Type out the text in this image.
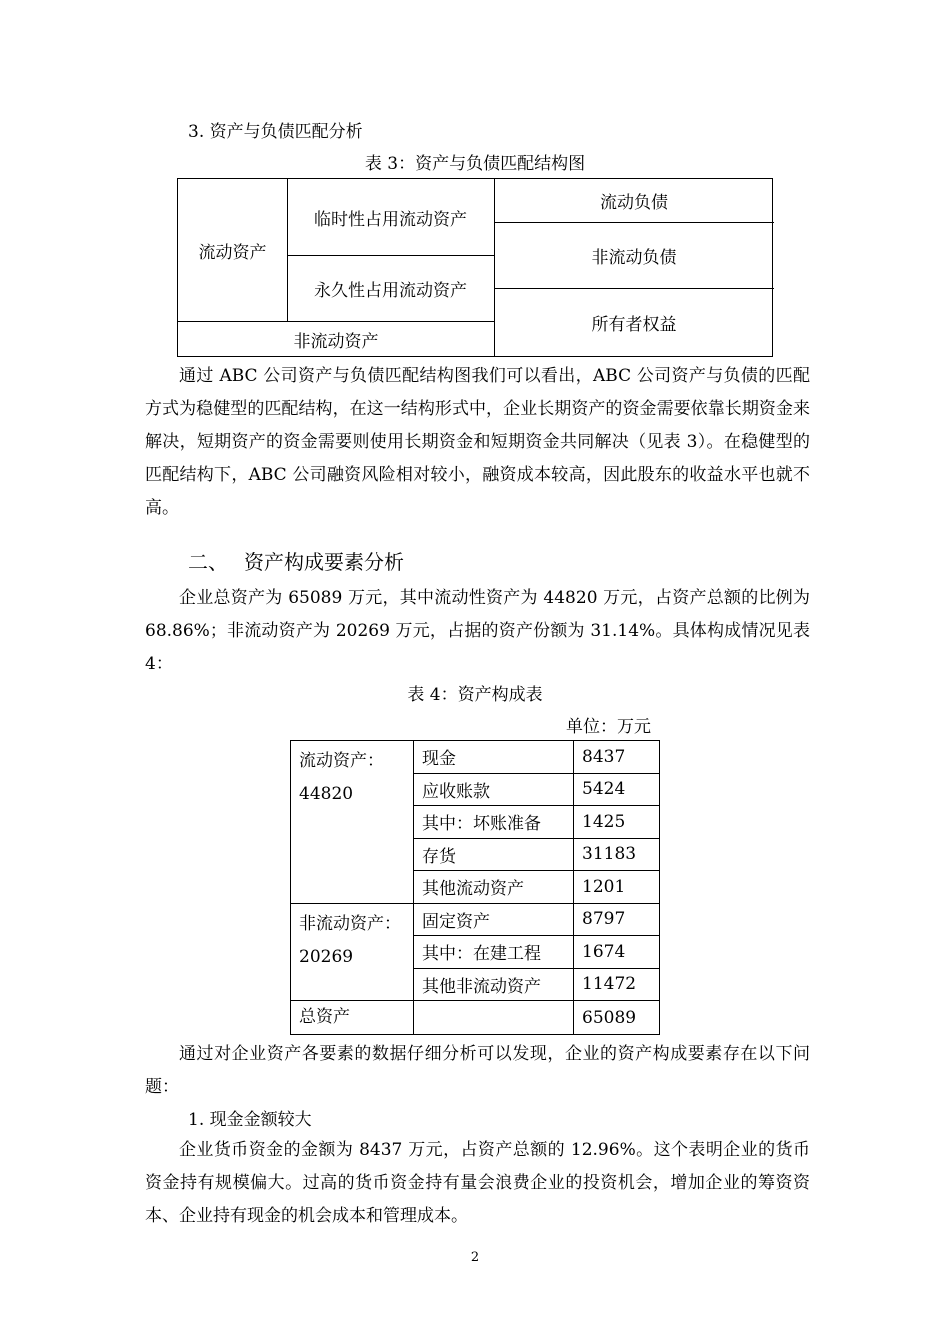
3. 资产与负债匹配分析
表 3：资产与负债匹配结构图
流动资产
临时性占用流动资产
永久性占用流动资产
非流动资产
流动负债
非流动负债
所有者权益
通过 ABC 公司资产与负债匹配结构图我们可以看出，ABC 公司资产与负债的匹配方式为稳健型的匹配结构，在这一结构形式中，企业长期资产的资金需要依靠长期资金来解决，短期资产的资金需要则使用长期资金和短期资金共同解决（见表 3）。在稳健型的匹配结构下，ABC 公司融资风险相对较小，融资成本较高，因此股东的收益水平也就不高。
二、 资产构成要素分析
企业总资产为 65089 万元，其中流动性资产为 44820 万元，占资产总额的比例为 68.86%；非流动资产为 20269 万元，占据的资产份额为 31.14%。具体构成情况见表 4：
表 4：资产构成表
单位：万元
流动资产：
44820	现金	8437
	应收账款	5424
	其中：坏账准备	1425
	存货	31183
	其他流动资产	1201

非流动资产：
20269	固定资产	8797
	其中：在建工程	1674
	其他非流动资产	11472
总资产		65089
通过对企业资产各要素的数据仔细分析可以发现，企业的资产构成要素存在以下问题：
1. 现金金额较大
企业货币资金的金额为 8437 万元，占资产总额的 12.96%。这个表明企业的货币资金持有规模偏大。过高的货币资金持有量会浪费企业的投资机会，增加企业的筹资资本、企业持有现金的机会成本和管理成本。
2
